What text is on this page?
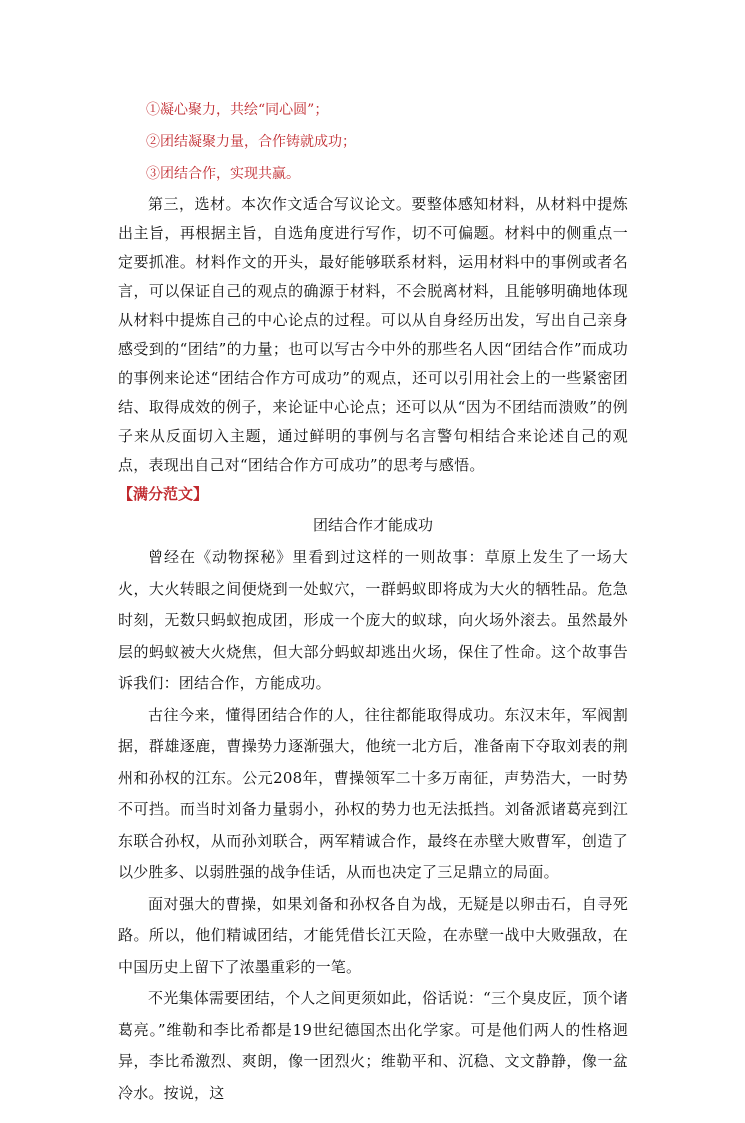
①凝心聚力，共绘“同心圆”；

②团结凝聚力量，合作铸就成功；

③团结合作，实现共赢。

第三，选材。本次作文适合写议论文。要整体感知材料，从材料中提炼出主旨，再根据主旨，自选角度进行写作，切不可偏题。材料中的侧重点一定要抓准。材料作文的开头，最好能够联系材料，运用材料中的事例或者名言，可以保证自己的观点的确源于材料，不会脱离材料，且能够明确地体现从材料中提炼自己的中心论点的过程。可以从自身经历出发，写出自己亲身感受到的“团结”的力量；也可以写古今中外的那些名人因“团结合作”而成功的事例来论述“团结合作方可成功”的观点，还可以引用社会上的一些紧密团结、取得成效的例子，来论证中心论点；还可以从“因为不团结而溃败”的例子来从反面切入主题，通过鲜明的事例与名言警句相结合来论述自己的观点，表现出自己对“团结合作方可成功”的思考与感悟。

【满分范文】

团结合作才能成功

曾经在《动物探秘》里看到过这样的一则故事：草原上发生了一场大火，大火转眼之间便烧到一处蚁穴，一群蚂蚁即将成为大火的牺牲品。危急时刻，无数只蚂蚁抱成团，形成一个庞大的蚁球，向火场外滚去。虽然最外层的蚂蚁被大火烧焦，但大部分蚂蚁却逃出火场，保住了性命。这个故事告诉我们：团结合作，方能成功。

古往今来，懂得团结合作的人，往往都能取得成功。东汉末年，军阀割据，群雄逐鹿，曹操势力逐渐强大，他统一北方后，准备南下夺取刘表的荆州和孙权的江东。公元208年，曹操领军二十多万南征，声势浩大，一时势不可挡。而当时刘备力量弱小，孙权的势力也无法抵挡。刘备派诸葛亮到江东联合孙权，从而孙刘联合，两军精诚合作，最终在赤壁大败曹军，创造了以少胜多、以弱胜强的战争佳话，从而也决定了三足鼎立的局面。

面对强大的曹操，如果刘备和孙权各自为战，无疑是以卵击石，自寻死路。所以，他们精诚团结，才能凭借长江天险，在赤壁一战中大败强敌，在中国历史上留下了浓墨重彩的一笔。

不光集体需要团结，个人之间更须如此，俗话说：“三个臭皮匠，顶个诸葛亮。”维勒和李比希都是19世纪德国杰出化学家。可是他们两人的性格迥异，李比希激烈、爽朗，像一团烈火；维勒平和、沉稳、文文静静，像一盆冷水。按说，这
